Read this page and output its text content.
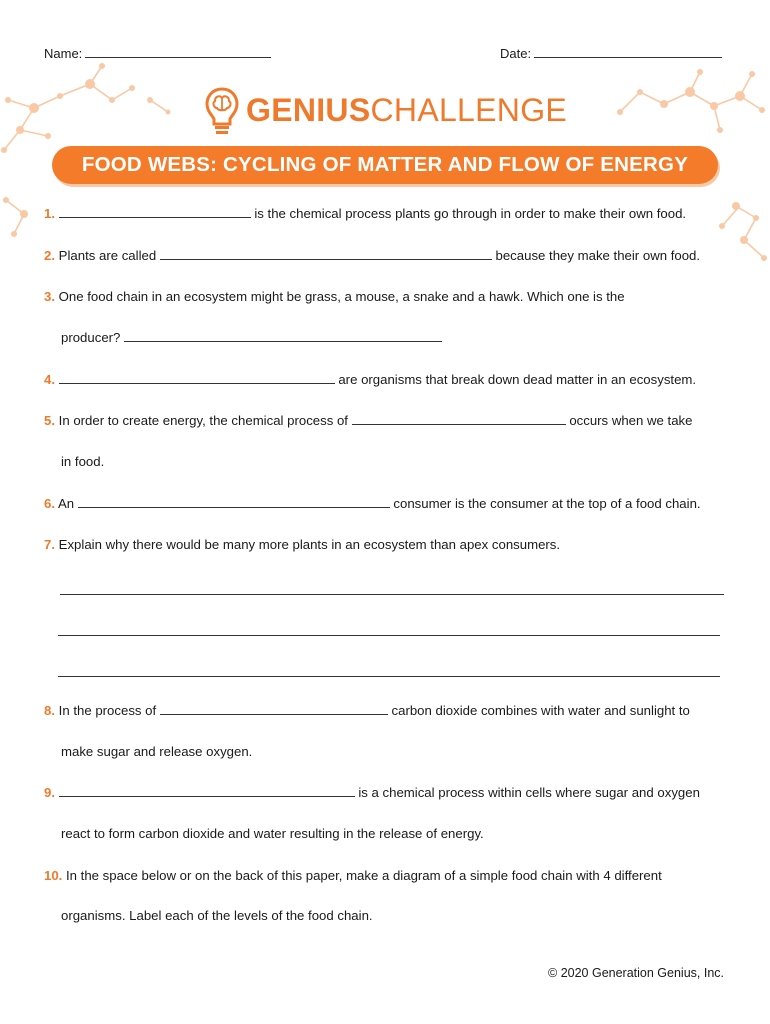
Name:	Date:
GENIUSCHALLENGE
FOOD WEBS: CYCLING OF MATTER AND FLOW OF ENERGY
1.	is the chemical process plants go through in order to make their own food.
2. Plants are called	because they make their own food.
3. One food chain in an ecosystem might be grass, a mouse, a snake and a hawk. Which one is the
producer?
4.	are organisms that break down dead matter in an ecosystem.
5. In order to create energy, the chemical process of	occurs when we take
in food.
6. An	consumer is the consumer at the top of a food chain.
7. Explain why there would be many more plants in an ecosystem than apex consumers.
8. In the process of	carbon dioxide combines with water and sunlight to
make sugar and release oxygen.
9.	is a chemical process within cells where sugar and oxygen
react to form carbon dioxide and water resulting in the release of energy.
10. In the space below or on the back of this paper, make a diagram of a simple food chain with 4 different
organisms. Label each of the levels of the food chain.
© 2020 Generation Genius, Inc.
